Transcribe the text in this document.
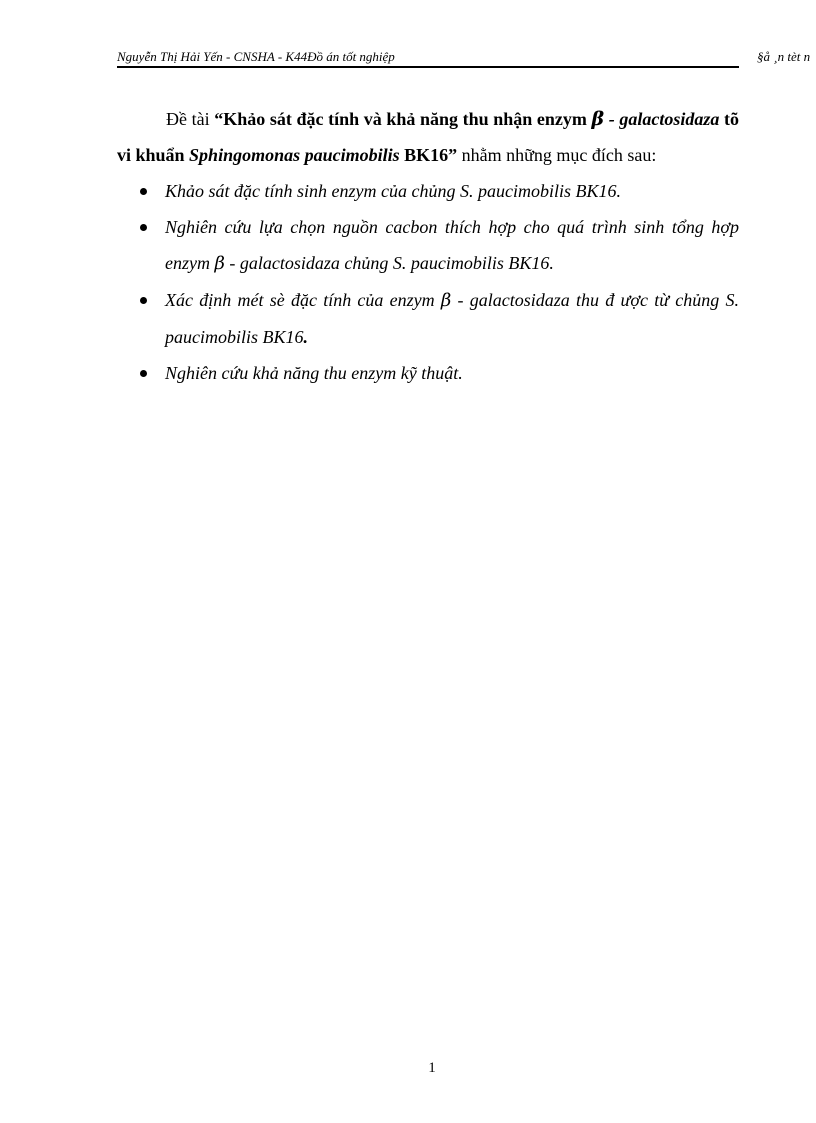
Nguyễn Thị Hải Yến - CNSHA - K44Đồ án tốt nghiệp	§å ¸n tèt n

Đề tài “Khảo sát đặc tính và khả năng thu nhận enzym β - galactosidaza tõ vi khuẩn Sphingomonas paucimobilis BK16” nhằm những mục đích sau:

Khảo sát đặc tính sinh enzym của chủng S. paucimobilis BK16.
Nghiên cứu lựa chọn nguồn cacbon thích hợp cho quá trình sinh tổng hợp enzym β - galactosidaza chủng S. paucimobilis BK16.
Xác định mét sè đặc tính của enzym β - galactosidaza thu đ ược từ chủng S. paucimobilis BK16.
Nghiên cứu khả năng thu enzym kỹ thuật.
1
